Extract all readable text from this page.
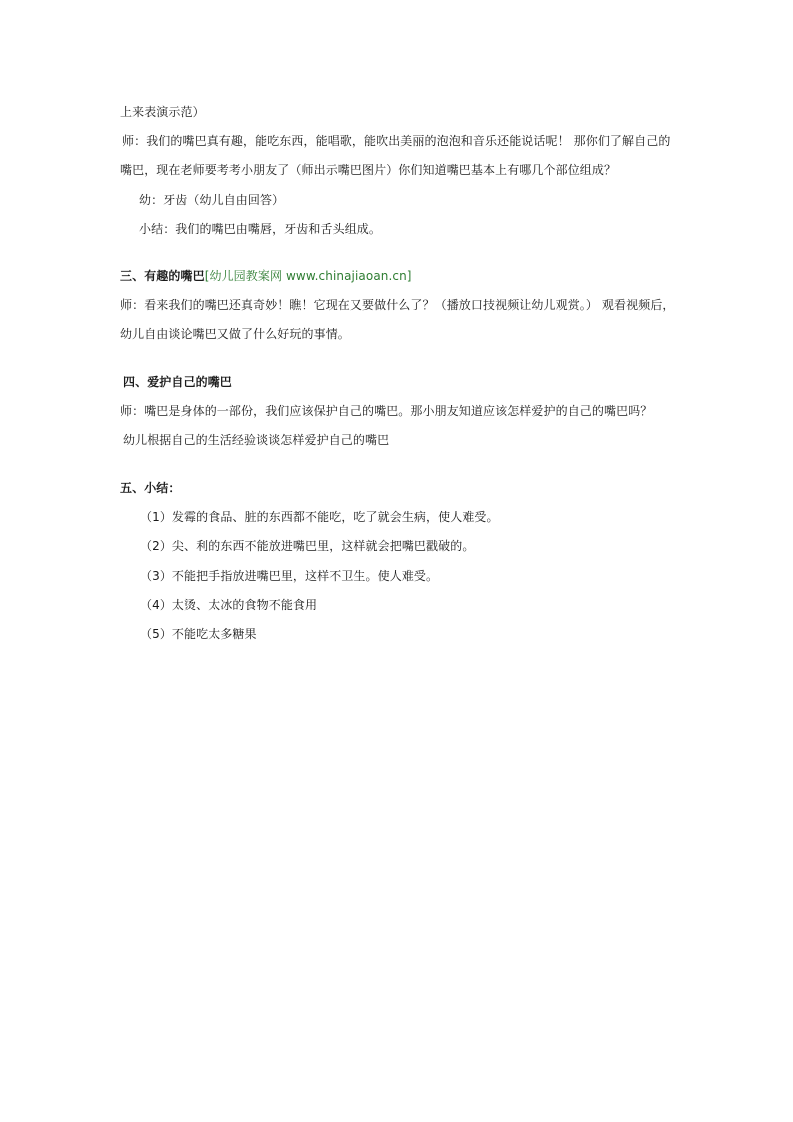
上来表演示范）
师：我们的嘴巴真有趣，能吃东西，能唱歌，能吹出美丽的泡泡和音乐还能说话呢！ 那你们了解自己的
嘴巴，现在老师要考考小朋友了（师出示嘴巴图片）你们知道嘴巴基本上有哪几个部位组成？
幼：牙齿（幼儿自由回答）
小结：我们的嘴巴由嘴唇，牙齿和舌头组成。
三、有趣的嘴巴[幼儿园教案网 www.chinajiaoan.cn]
师：看来我们的嘴巴还真奇妙！瞧！它现在又要做什么了？（播放口技视频让幼儿观赏。） 观看视频后，
幼儿自由谈论嘴巴又做了什么好玩的事情。
四、爱护自己的嘴巴
师：嘴巴是身体的一部份，我们应该保护自己的嘴巴。那小朋友知道应该怎样爱护的自己的嘴巴吗？
幼儿根据自己的生活经验谈谈怎样爱护自己的嘴巴
五、小结：
（1）发霉的食品、脏的东西都不能吃，吃了就会生病，使人难受。
（2）尖、利的东西不能放进嘴巴里，这样就会把嘴巴戳破的。
（3）不能把手指放进嘴巴里，这样不卫生。使人难受。
（4）太烫、太冰的食物不能食用
（5）不能吃太多糖果
